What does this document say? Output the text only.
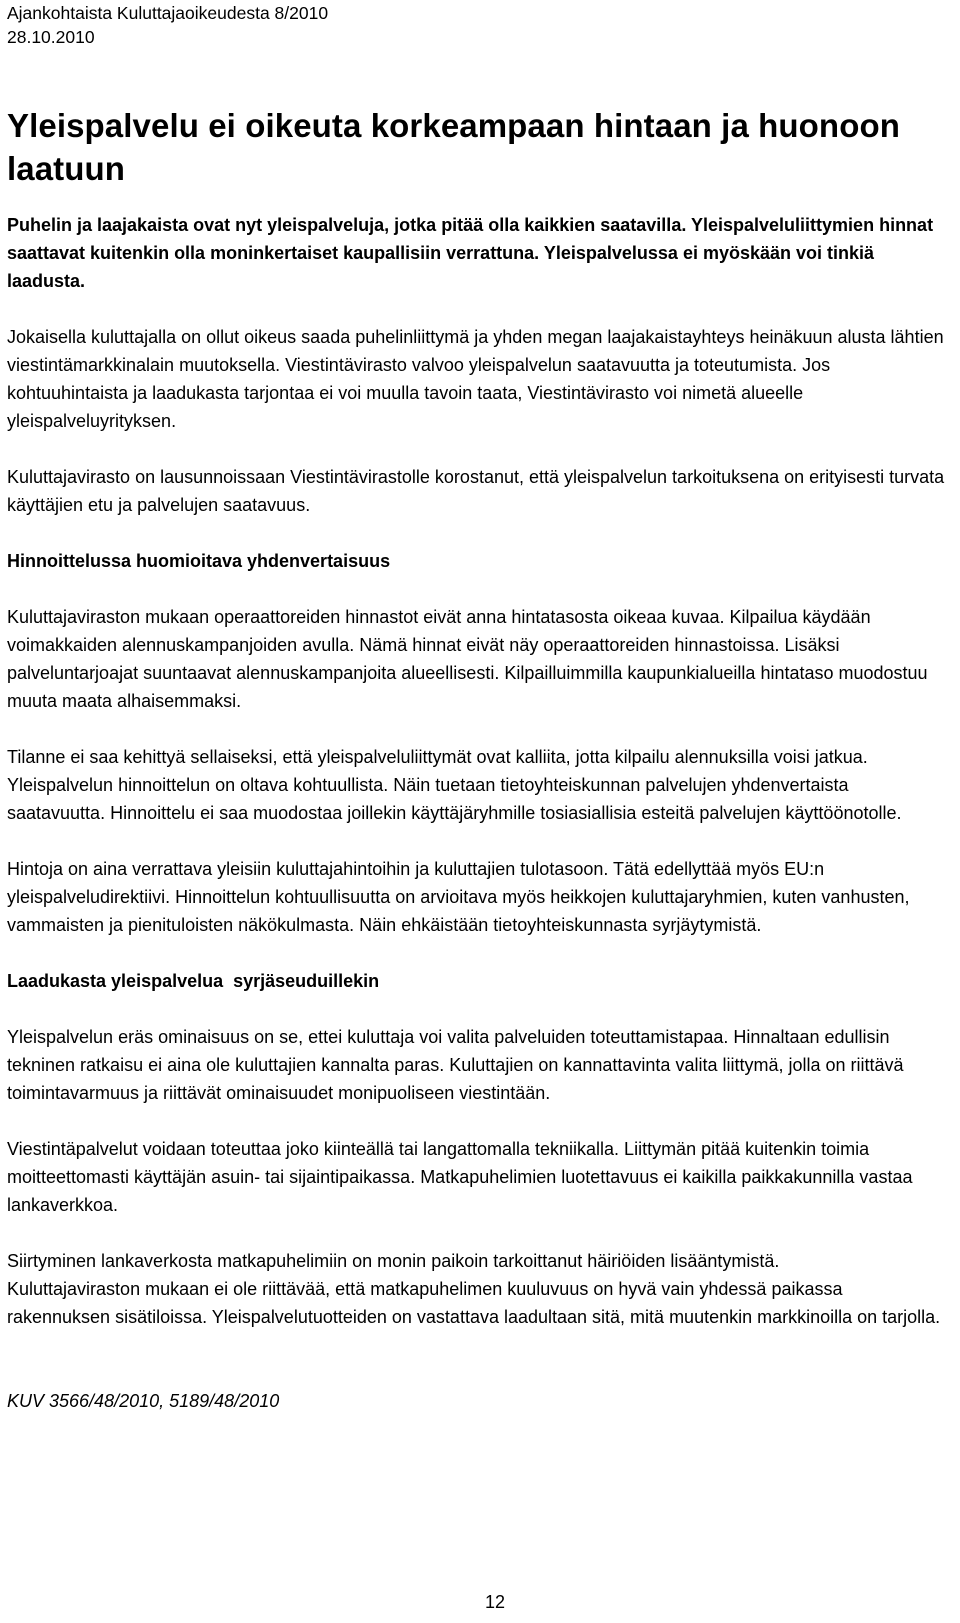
Ajankohtaista Kuluttajaoikeudesta 8/2010
28.10.2010
Yleispalvelu ei oikeuta korkeampaan hintaan ja huonoon laatuun

Puhelin ja laajakaista ovat nyt yleispalveluja, jotka pitää olla kaikkien saatavilla. Yleispalveluliittymien hinnat saattavat kuitenkin olla moninkertaiset kaupallisiin verrattuna. Yleispalvelussa ei myöskään voi tinkiä laadusta.

Jokaisella kuluttajalla on ollut oikeus saada puhelinliittymä ja yhden megan laajakaistayhteys heinäkuun alusta lähtien viestintämarkkinalain muutoksella. Viestintävirasto valvoo yleispalvelun saatavuutta ja toteutumista. Jos kohtuuhintaista ja laadukasta tarjontaa ei voi muulla tavoin taata, Viestintävirasto voi nimetä alueelle yleispalveluyrityksen.

Kuluttajavirasto on lausunnoissaan Viestintävirastolle korostanut, että yleispalvelun tarkoituksena on erityisesti turvata käyttäjien etu ja palvelujen saatavuus.

Hinnoittelussa huomioitava yhdenvertaisuus

Kuluttajaviraston mukaan operaattoreiden hinnastot eivät anna hintatasosta oikeaa kuvaa. Kilpailua käydään voimakkaiden alennuskampanjoiden avulla. Nämä hinnat eivät näy operaattoreiden hinnastoissa. Lisäksi palveluntarjoajat suuntaavat alennuskampanjoita alueellisesti. Kilpailluimmilla kaupunkialueilla hintataso muodostuu muuta maata alhaisemmaksi.

Tilanne ei saa kehittyä sellaiseksi, että yleispalveluliittymät ovat kalliita, jotta kilpailu alennuksilla voisi jatkua. Yleispalvelun hinnoittelun on oltava kohtuullista. Näin tuetaan tietoyhteiskunnan palvelujen yhdenvertaista saatavuutta. Hinnoittelu ei saa muodostaa joillekin käyttäjäryhmille tosiasiallisia esteitä palvelujen käyttöönotolle.

Hintoja on aina verrattava yleisiin kuluttajahintoihin ja kuluttajien tulotasoon. Tätä edellyttää myös EU:n yleispalveludirektiivi. Hinnoittelun kohtuullisuutta on arvioitava myös heikkojen kuluttajaryhmien, kuten vanhusten, vammaisten ja pienituloisten näkökulmasta. Näin ehkäistään tietoyhteiskunnasta syrjäytymistä.

Laadukasta yleispalvelua  syrjäseuduillekin

Yleispalvelun eräs ominaisuus on se, ettei kuluttaja voi valita palveluiden toteuttamistapaa. Hinnaltaan edullisin tekninen ratkaisu ei aina ole kuluttajien kannalta paras. Kuluttajien on kannattavinta valita liittymä, jolla on riittävä toimintavarmuus ja riittävät ominaisuudet monipuoliseen viestintään.

Viestintäpalvelut voidaan toteuttaa joko kiinteällä tai langattomalla tekniikalla. Liittymän pitää kuitenkin toimia moitteettomasti käyttäjän asuin- tai sijaintipaikassa. Matkapuhelimien luotettavuus ei kaikilla paikkakunnilla vastaa lankaverkkoa.

Siirtyminen lankaverkosta matkapuhelimiin on monin paikoin tarkoittanut häiriöiden lisääntymistä.

Kuluttajaviraston mukaan ei ole riittävää, että matkapuhelimen kuuluvuus on hyvä vain yhdessä paikassa rakennuksen sisätiloissa. Yleispalvelutuotteiden on vastattava laadultaan sitä, mitä muutenkin markkinoilla on tarjolla.

KUV 3566/48/2010, 5189/48/2010
12
